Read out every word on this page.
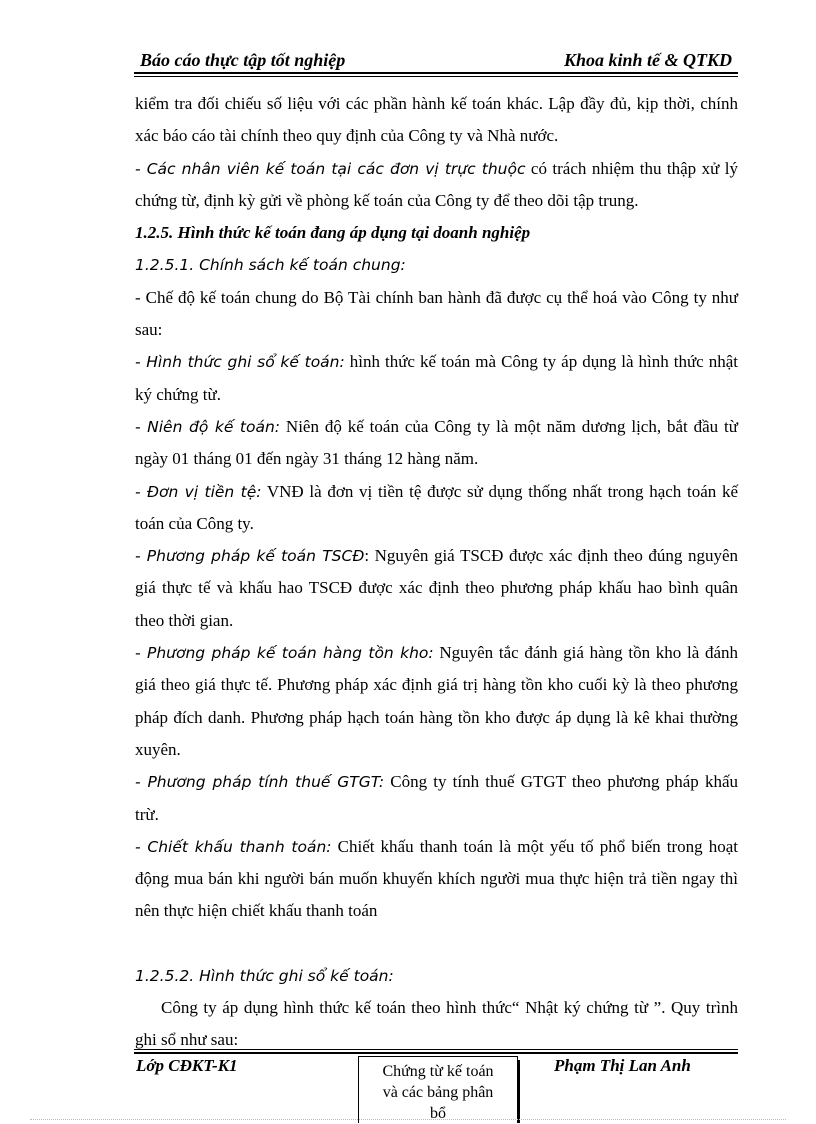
Báo cáo thực tập tốt nghiệp	Khoa kinh tế & QTKD

kiểm tra đối chiếu số liệu với các phần hành kế toán khác. Lập đầy đủ, kịp thời, chính xác báo cáo tài chính theo quy định của Công ty và Nhà nước.

- Các nhân viên kế toán tại các đơn vị trực thuộc có trách nhiệm thu thập xử lý chứng từ, định kỳ gửi về phòng kế toán của Công ty để theo dõi tập trung.

1.2.5. Hình thức kế toán đang áp dụng tại doanh nghiệp

1.2.5.1. Chính sách kế toán chung:

- Chế độ kế toán chung do Bộ Tài chính ban hành đã được cụ thể hoá vào Công ty như sau:

- Hình thức ghi sổ kế toán: hình thức kế toán mà Công ty áp dụng là hình thức nhật ký chứng từ.

- Niên độ kế toán: Niên độ kế toán của Công ty là một năm dương lịch, bắt đầu từ ngày 01 tháng 01 đến ngày 31 tháng 12 hàng năm.

- Đơn vị tiền tệ: VNĐ là đơn vị tiền tệ được sử dụng thống nhất trong hạch toán kế toán của Công ty.

- Phương pháp kế toán TSCĐ: Nguyên giá TSCĐ được xác định theo đúng nguyên giá thực tế và khấu hao TSCĐ được xác định theo phương pháp khấu hao bình quân theo thời gian.

- Phương pháp kế toán hàng tồn kho: Nguyên tắc đánh giá hàng tồn kho là đánh giá theo giá thực tế. Phương pháp xác định giá trị hàng tồn kho cuối kỳ là theo phương pháp đích danh. Phương pháp hạch toán hàng tồn kho được áp dụng là kê khai thường xuyên.

- Phương pháp tính thuế GTGT: Công ty tính thuế GTGT theo phương pháp khấu trừ.

- Chiết khấu thanh toán: Chiết khấu thanh toán là một yếu tố phổ biến trong hoạt động mua bán khi người bán muốn khuyến khích người mua thực hiện trả tiền ngay thì nên thực hiện chiết khấu thanh toán

1.2.5.2. Hình thức ghi sổ kế toán:

Công ty áp dụng hình thức kế toán theo hình thức“ Nhật ký chứng từ ”. Quy trình ghi sổ như sau:

Lớp CĐKT-K1	Phạm Thị Lan Anh
Chứng từ kế toán
và các bảng phân
bổ
